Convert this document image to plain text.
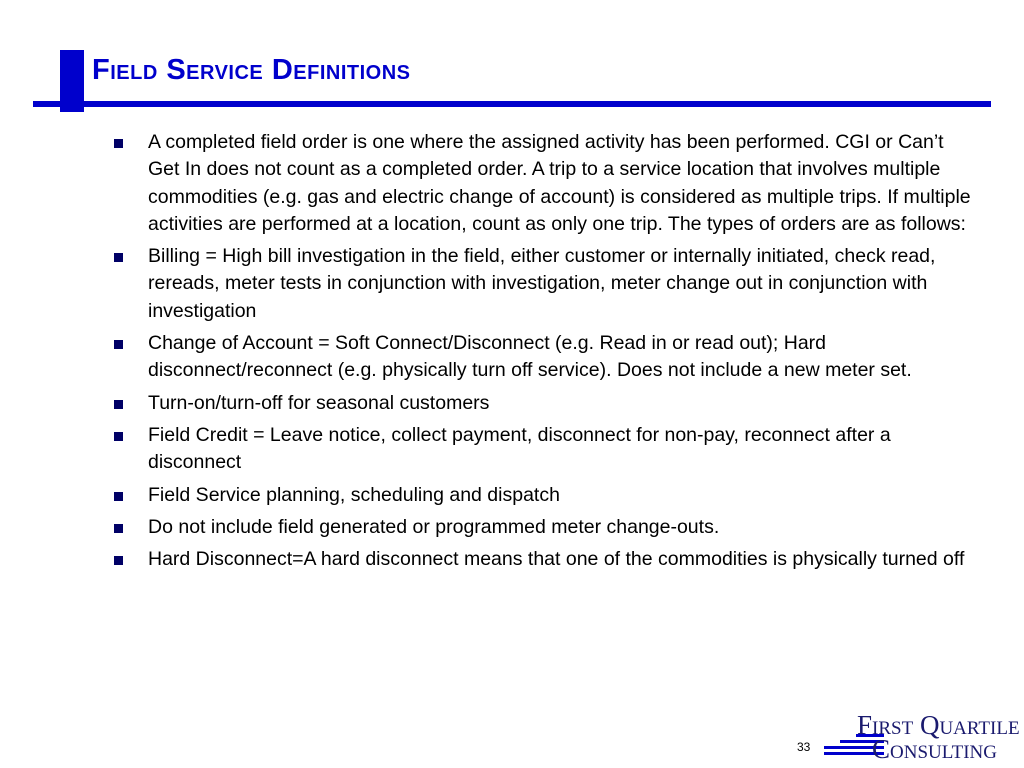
Field Service Definitions
A completed field order is one where the assigned activity has been performed. CGI or Can’t Get In does not count as a completed order. A trip to a service location that involves multiple commodities (e.g. gas and electric change of account) is considered as multiple trips. If multiple activities are performed at a location, count as only one trip. The types of orders are as follows:
Billing = High bill investigation in the field, either customer or internally initiated, check read, rereads, meter tests in conjunction with investigation, meter change out in conjunction with investigation
Change of Account = Soft Connect/Disconnect (e.g. Read in or read out); Hard disconnect/reconnect (e.g. physically turn off service). Does not include a new meter set.
Turn-on/turn-off for seasonal customers
Field Credit = Leave notice, collect payment, disconnect for non-pay, reconnect after a disconnect
Field Service planning, scheduling and dispatch
Do not include field generated or programmed meter change-outs.
Hard Disconnect=A hard disconnect means that one of the commodities is physically turned off
33
First Quartile
Consulting
